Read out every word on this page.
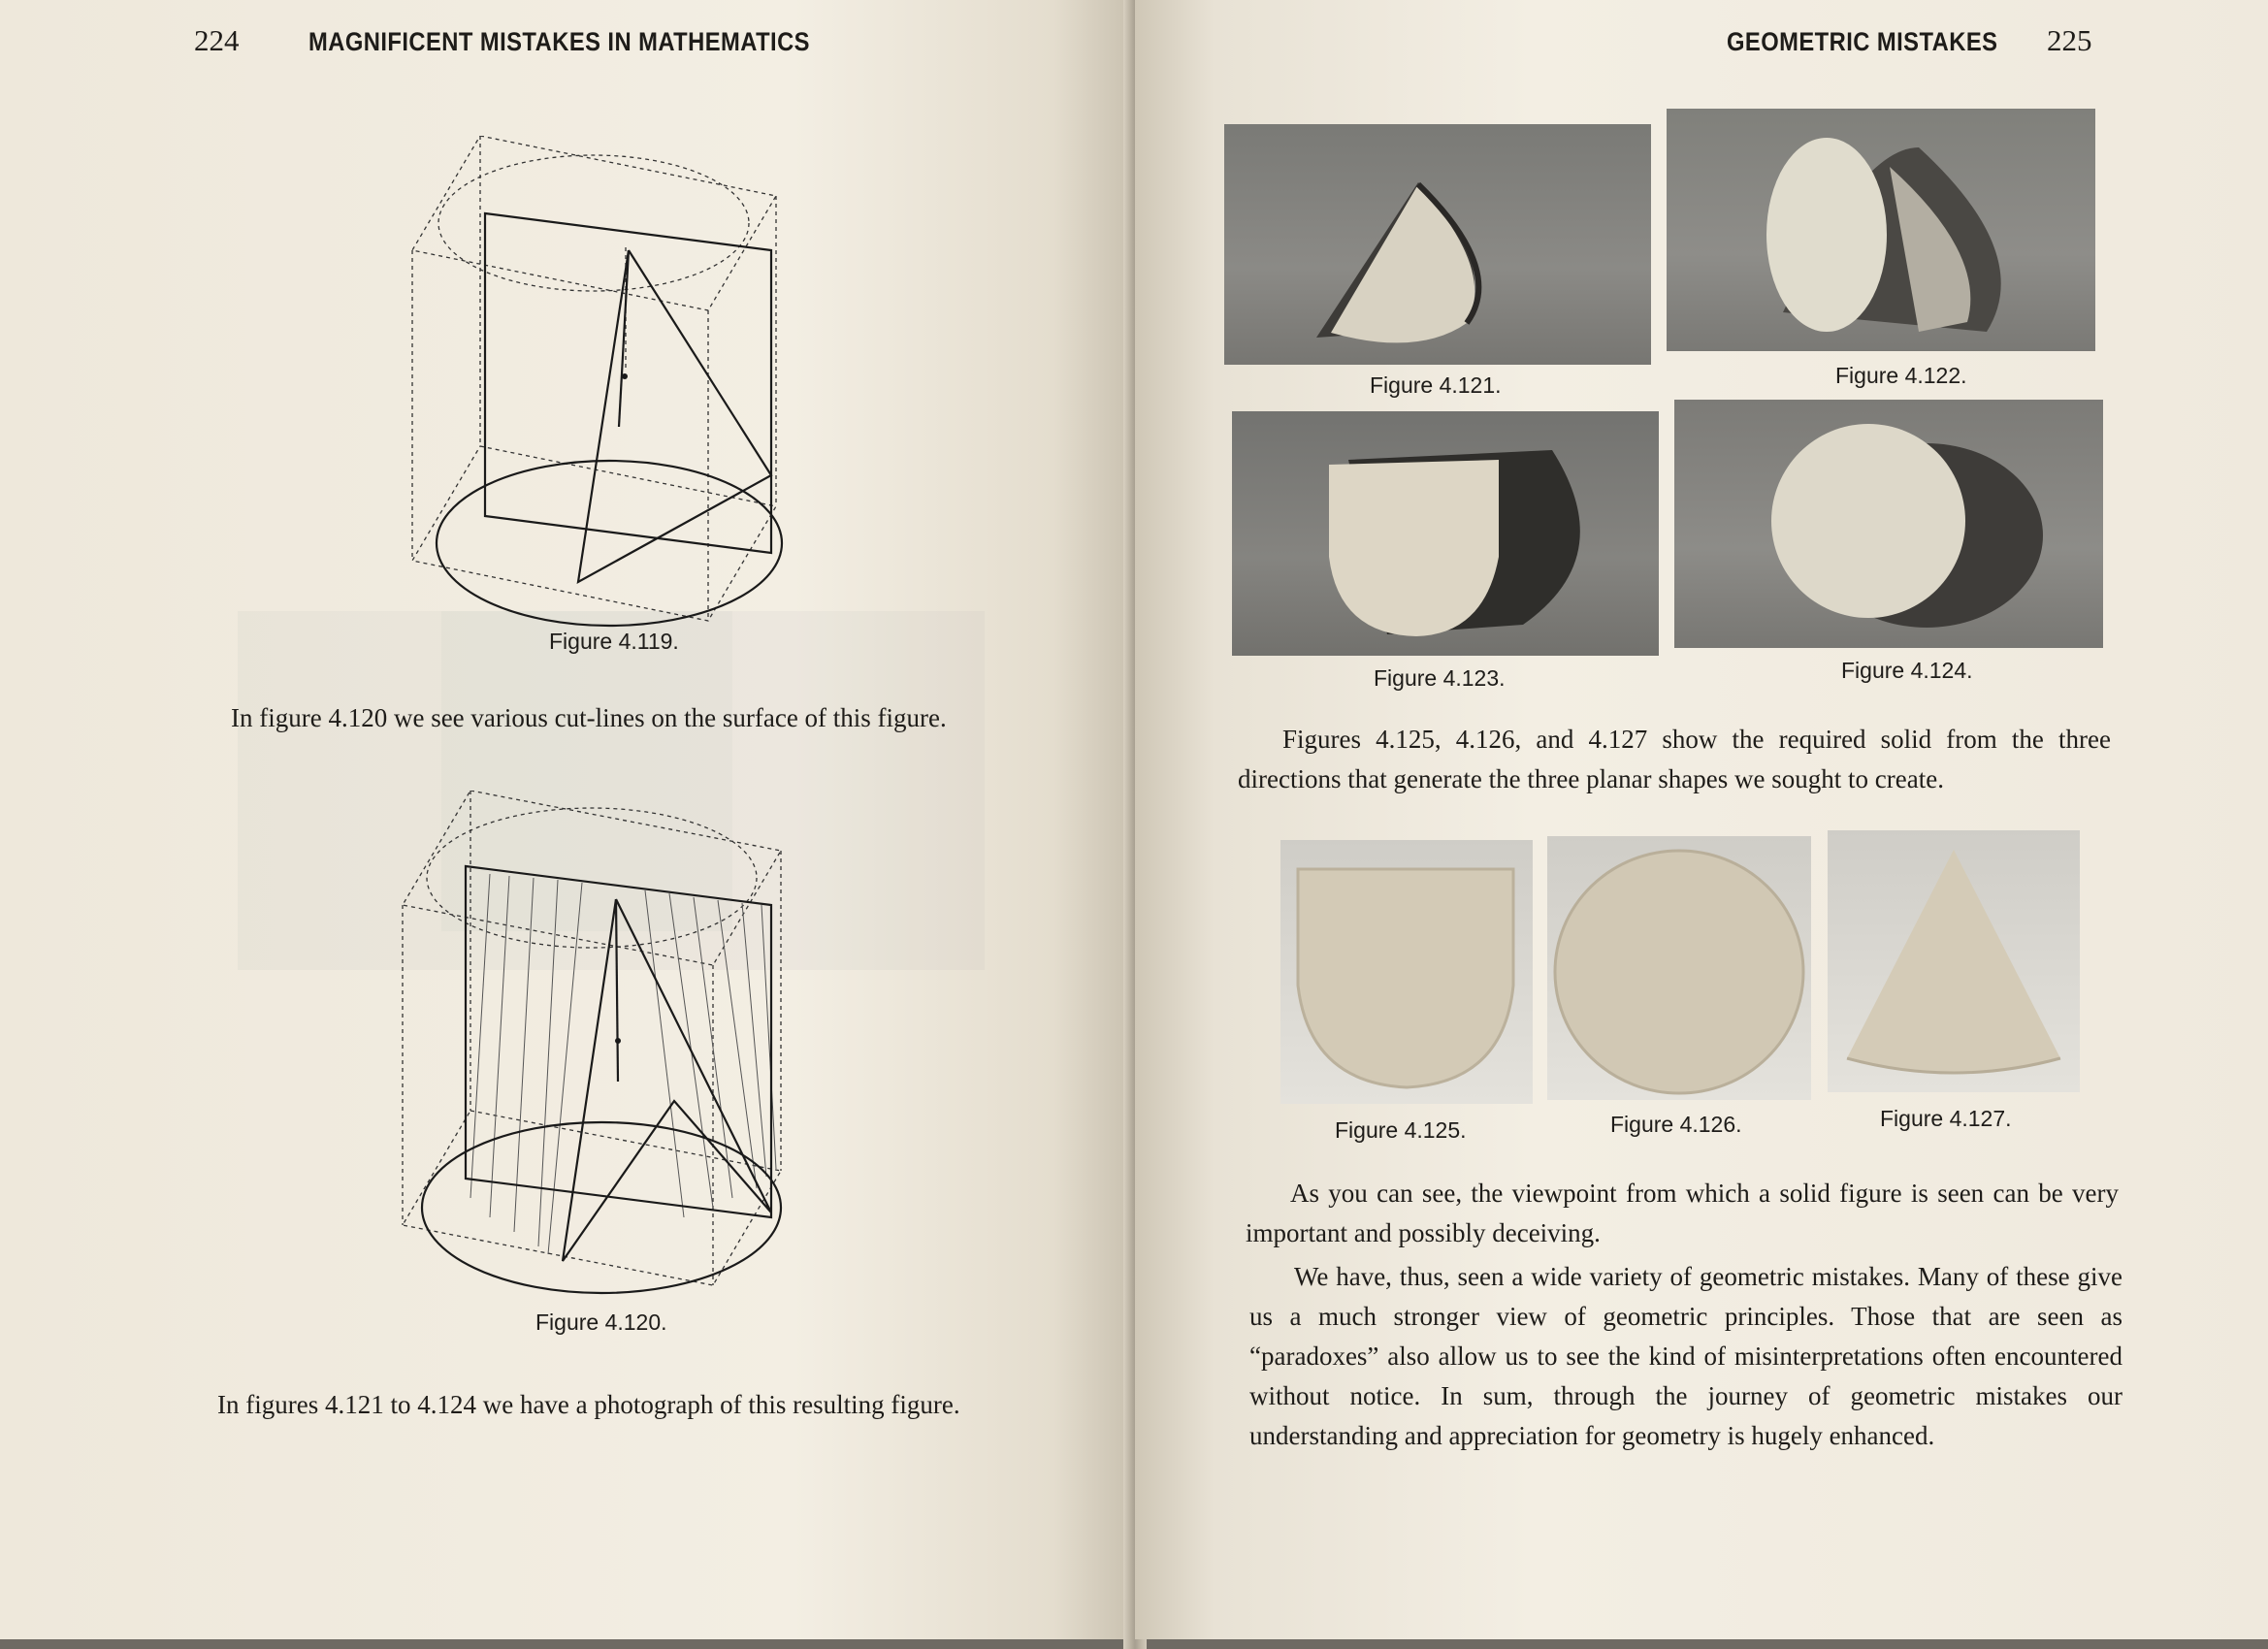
224	MAGNIFICENT MISTAKES IN MATHEMATICS
Figure 4.119.
In figure 4.120 we see various cut-lines on the surface of this figure.
Figure 4.120.
In figures 4.121 to 4.124 we have a photograph of this resulting figure.
GEOMETRIC MISTAKES 225
Figure 4.121.	Figure 4.122.
Figure 4.123.	Figure 4.124.

Figures 4.125, 4.126, and 4.127 show the required solid from the three directions that generate the three planar shapes we sought to create.

Figure 4.125.	Figure 4.126.	Figure 4.127.

As you can see, the viewpoint from which a solid figure is seen can be very important and possibly deceiving.

We have, thus, seen a wide variety of geometric mistakes. Many of these give us a much stronger view of geometric principles. Those that are seen as “paradoxes” also allow us to see the kind of misinterpretations often encountered without notice. In sum, through the journey of geometric mistakes our understanding and appreciation for geometry is hugely enhanced.
